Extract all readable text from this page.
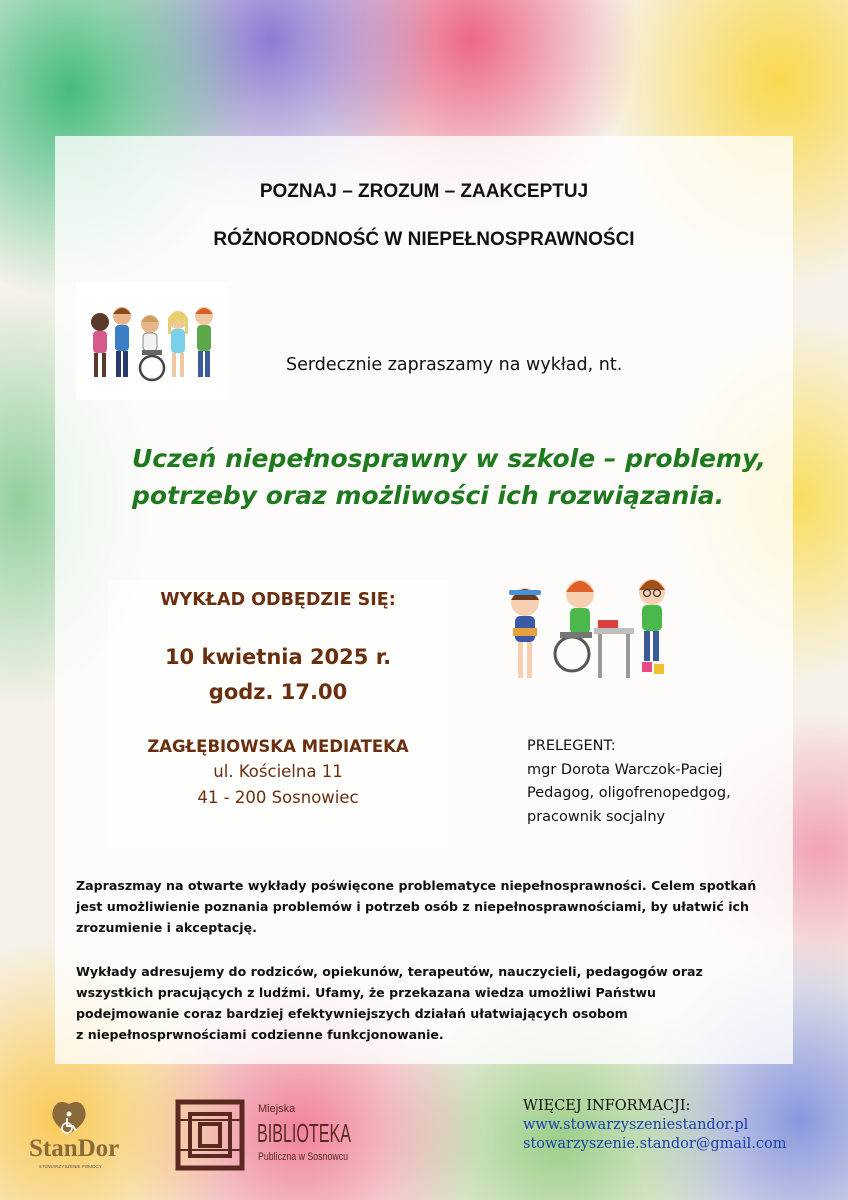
POZNAJ – ZROZUM – ZAAKCEPTUJ
RÓŻNORODNOŚĆ W NIEPEŁNOSPRAWNOŚCI
Serdecznie zapraszamy na wykład, nt.
Uczeń niepełnosprawny w szkole – problemy,
potrzeby oraz możliwości ich rozwiązania.
WYKŁAD ODBĘDZIE SIĘ:
10 kwietnia 2025 r.
godz. 17.00
ZAGŁĘBIOWSKA MEDIATEKA
ul. Kościelna 11
41 - 200 Sosnowiec
PRELEGENT:
mgr Dorota Warczok-Paciej
Pedagog, oligofrenopedgog,
pracownik socjalny
Zapraszmay na otwarte wykłady poświęcone problematyce niepełnosprawności. Celem spotkań jest umożliwienie poznania problemów i potrzeb osób z niepełnosprawnościami, by ułatwić ich zrozumienie i akceptację.
Wykłady adresujemy do rodziców, opiekunów, terapeutów, nauczycieli, pedagogów oraz
wszystkich pracujących z ludźmi. Ufamy, że przekazana wiedza umożliwi Państwu
podejmowanie coraz bardziej efektywniejszych działań ułatwiających osobom
z niepełnosprwnościami codzienne funkcjonowanie.
StanDor
STOWARZYSZENIE POMOCY
Miejska
BIBLIOTEKA
Publiczna w Sosnowcu
WIĘCEJ INFORMACJI:
www.stowarzyszeniestandor.pl
stowarzyszenie.standor@gmail.com
